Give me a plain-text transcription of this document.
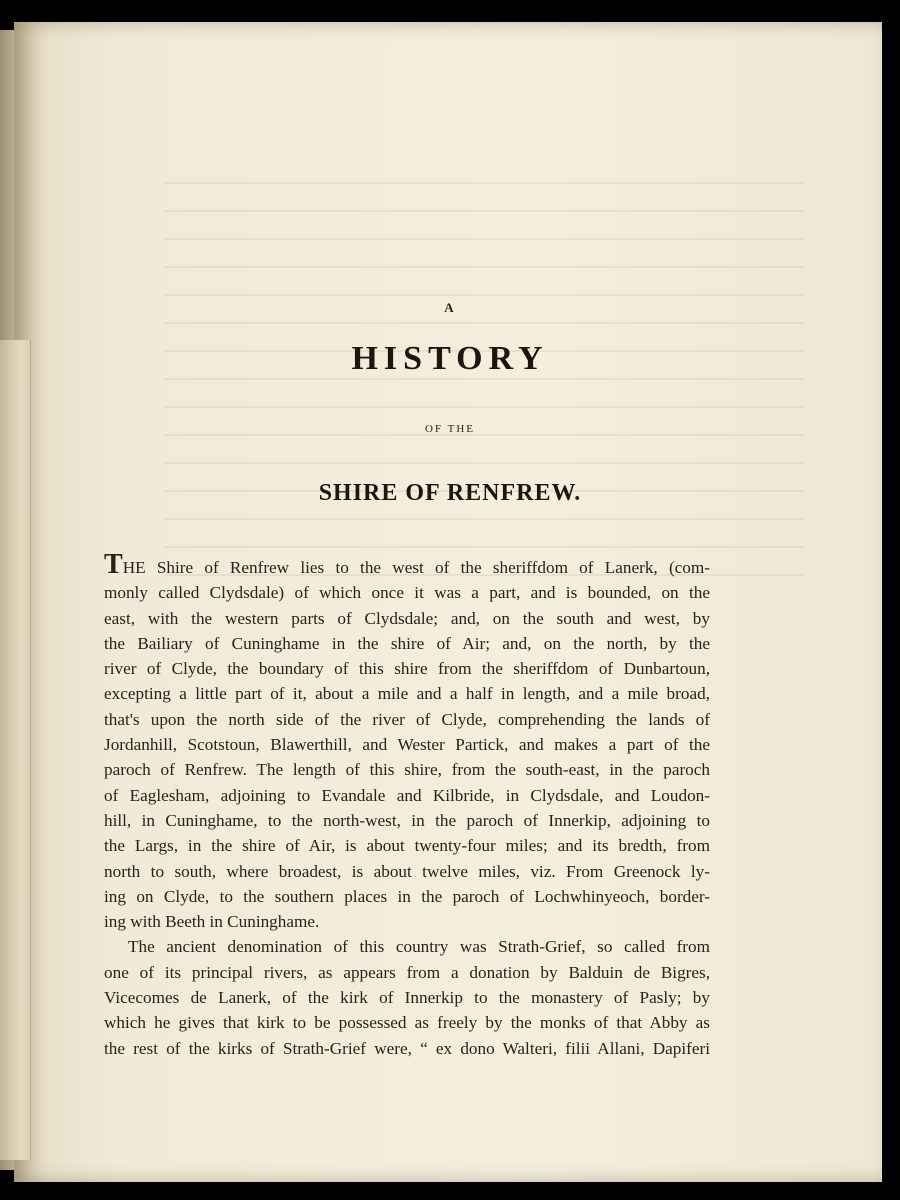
A
HISTORY
OF THE
SHIRE OF RENFREW.
THE Shire of Renfrew lies to the west of the sheriffdom of Lanerk, (com-
monly called Clydsdale) of which once it was a part, and is bounded, on the
east, with the western parts of Clydsdale; and, on the south and west, by
the Bailiary of Cuninghame in the shire of Air; and, on the north, by the
river of Clyde, the boundary of this shire from the sheriffdom of Dunbartoun,
excepting a little part of it, about a mile and a half in length, and a mile broad,
that's upon the north side of the river of Clyde, comprehending the lands of
Jordanhill, Scotstoun, Blawerthill, and Wester Partick, and makes a part of the
paroch of Renfrew. The length of this shire, from the south-east, in the paroch
of Eaglesham, adjoining to Evandale and Kilbride, in Clydsdale, and Loudon-
hill, in Cuninghame, to the north-west, in the paroch of Innerkip, adjoining to
the Largs, in the shire of Air, is about twenty-four miles; and its bredth, from
north to south, where broadest, is about twelve miles, viz. From Greenock ly-
ing on Clyde, to the southern places in the paroch of Lochwhinyeoch, border-
ing with Beeth in Cuninghame.
The ancient denomination of this country was Strath-Grief, so called from
one of its principal rivers, as appears from a donation by Balduin de Bigres,
Vicecomes de Lanerk, of the kirk of Innerkip to the monastery of Pasly; by
which he gives that kirk to be possessed as freely by the monks of that Abby as
the rest of the kirks of Strath-Grief were, “ ex dono Walteri, filii Allani, Dapiferi
